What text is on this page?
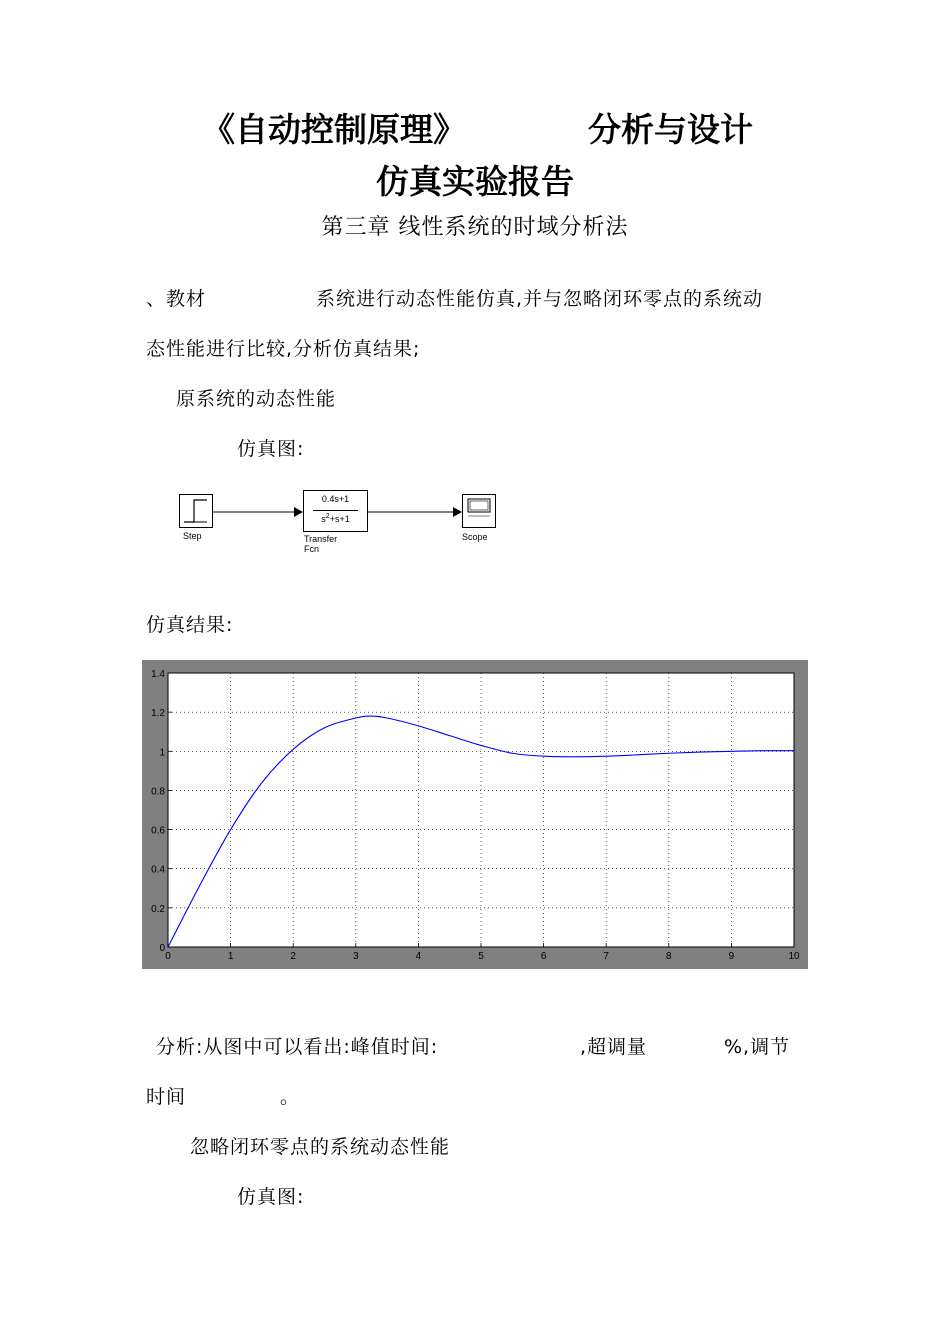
《自动控制原理》	分析与设计
仿真实验报告
第三章 线性系统的时域分析法
、教材	系统进行动态性能仿真,并与忽略闭环零点的系统动
态性能进行比较,分析仿真结果;
原系统的动态性能
仿真图:
Step
0.4s+1
$s^2+s+1$
Transfer Fcn
Scope
仿真结果:
0	1	2	3	4	5	6	7	8	9	10
0
0.2
0.4
0.6
0.8
1
1.2
1.4
分析:从图中可以看出:峰值时间:	,超调量	%,调节
时间	。
忽略闭环零点的系统动态性能
仿真图:
